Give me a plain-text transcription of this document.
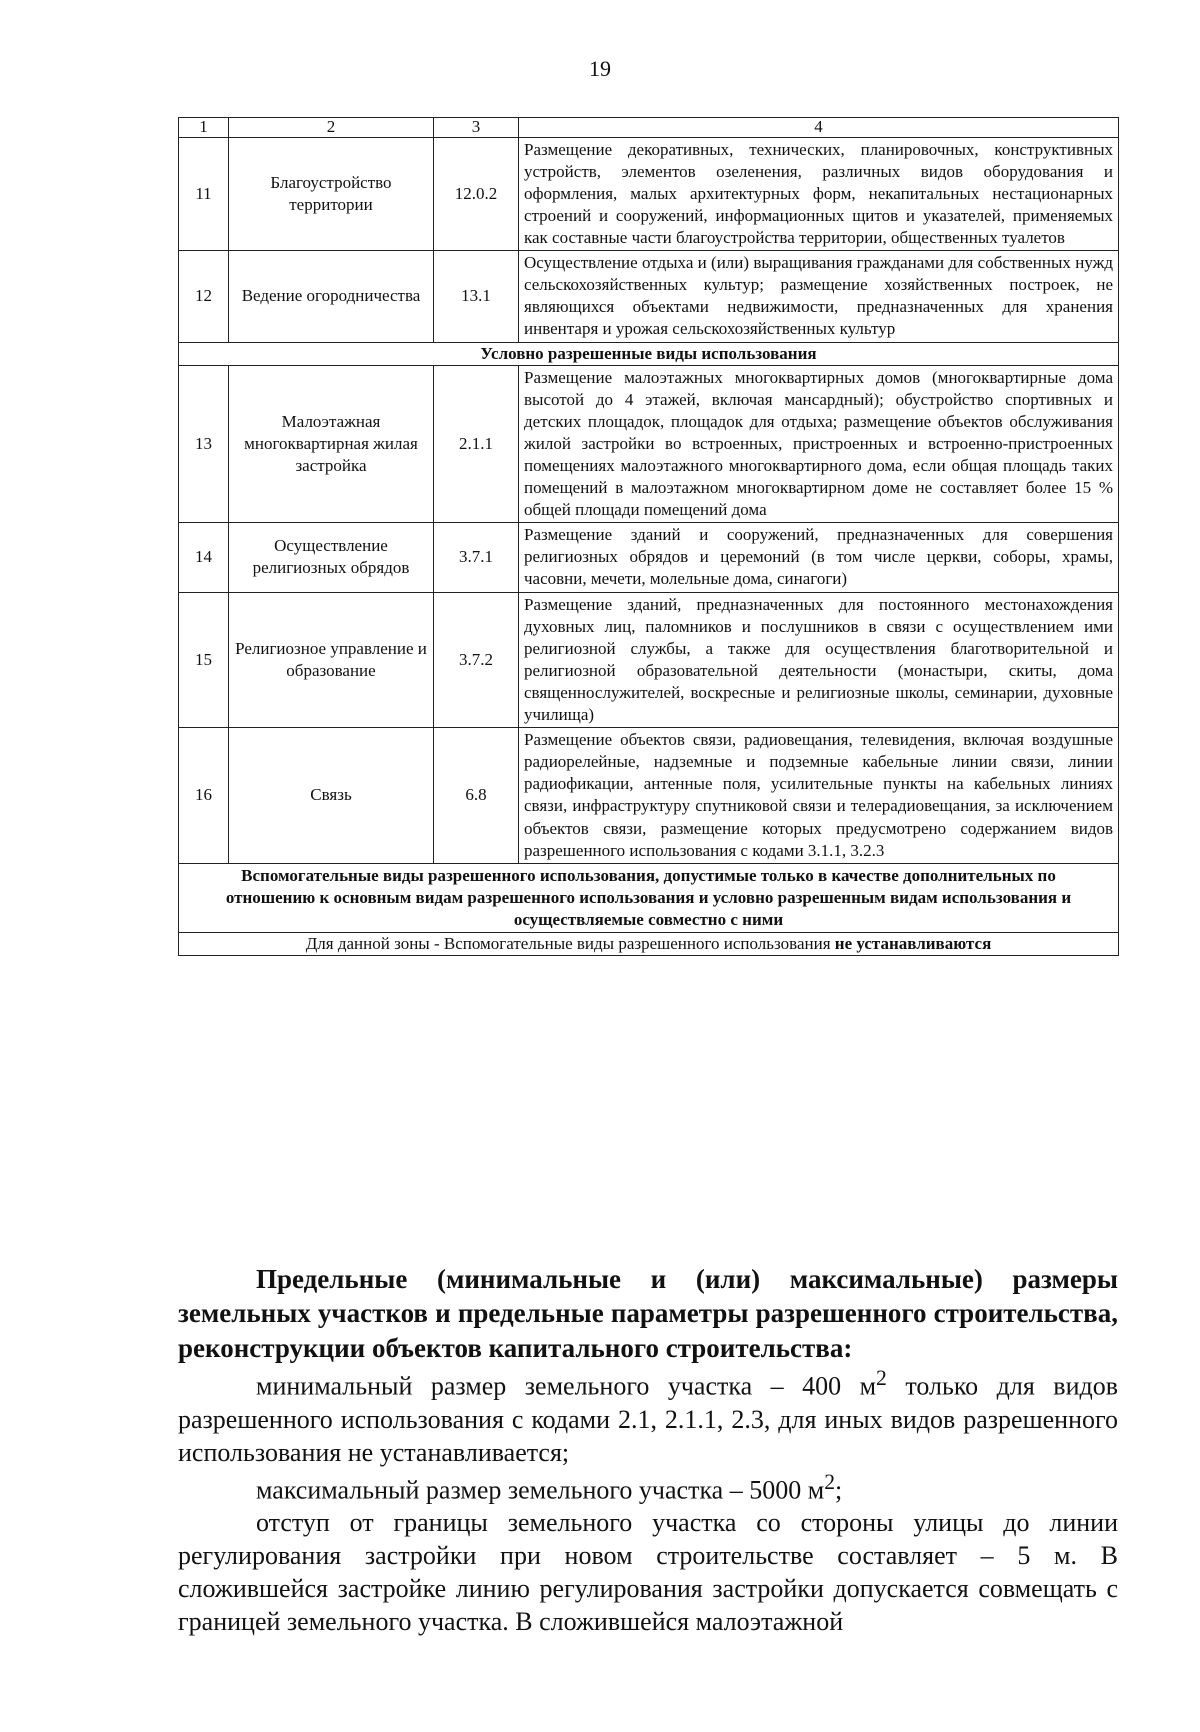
19
1	2	3	4
11	Благоустройство территории	12.0.2	Размещение декоративных, технических, планировочных, конструктивных устройств, элементов озеленения, различных видов оборудования и оформления, малых архитектурных форм, некапитальных нестационарных строений и сооружений, информационных щитов и указателей, применяемых как составные части благоустройства территории, общественных туалетов
12	Ведение огородничества	13.1	Осуществление отдыха и (или) выращивания гражданами для собственных нужд сельскохозяйственных культур; размещение хозяйственных построек, не являющихся объектами недвижимости, предназначенных для хранения инвентаря и урожая сельскохозяйственных культур
Условно разрешенные виды использования			
13	Малоэтажная многоквартирная жилая застройка	2.1.1	Размещение малоэтажных многоквартирных домов (многоквартирные дома высотой до 4 этажей, включая мансардный); обустройство спортивных и детских площадок, площадок для отдыха; размещение объектов обслуживания жилой застройки во встроенных, пристроенных и встроенно-пристроенных помещениях малоэтажного многоквартирного дома, если общая площадь таких помещений в малоэтажном многоквартирном доме не составляет более 15 % общей площади помещений дома
14	Осуществление религиозных обрядов	3.7.1	Размещение зданий и сооружений, предназначенных для совершения религиозных обрядов и церемоний (в том числе церкви, соборы, храмы, часовни, мечети, молельные дома, синагоги)
15	Религиозное управление и образование	3.7.2	Размещение зданий, предназначенных для постоянного местонахождения духовных лиц, паломников и послушников в связи с осуществлением ими религиозной службы, а также для осуществления благотворительной и религиозной образовательной деятельности (монастыри, скиты, дома священнослужителей, воскресные и религиозные школы, семинарии, духовные училища)
16	Связь	6.8	Размещение объектов связи, радиовещания, телевидения, включая воздушные радиорелейные, надземные и подземные кабельные линии связи, линии радиофикации, антенные поля, усилительные пункты на кабельных линиях связи, инфраструктуру спутниковой связи и телерадиовещания, за исключением объектов связи, размещение которых предусмотрено содержанием видов разрешенного использования с кодами 3.1.1, 3.2.3
Вспомогательные виды разрешенного использования, допустимые только в качестве дополнительных по отношению к основным видам разрешенного использования и условно разрешенным видам использования и осуществляемые совместно с ними			
Для данной зоны - Вспомогательные виды разрешенного использования не устанавливаются			

Предельные (минимальные и (или) максимальные) размеры земельных участков и предельные параметры разрешенного строительства, реконструкции объектов капитального строительства:

минимальный размер земельного участка – 400 $м^2$ только для видов разрешенного использования с кодами 2.1, 2.1.1, 2.3, для иных видов разрешенного использования не устанавливается;

максимальный размер земельного участка – 5000 $м^2$;

отступ от границы земельного участка со стороны улицы до линии регулирования застройки при новом строительстве составляет – 5 м. В сложившейся застройке линию регулирования застройки допускается совмещать с границей земельного участка. В сложившейся малоэтажной
